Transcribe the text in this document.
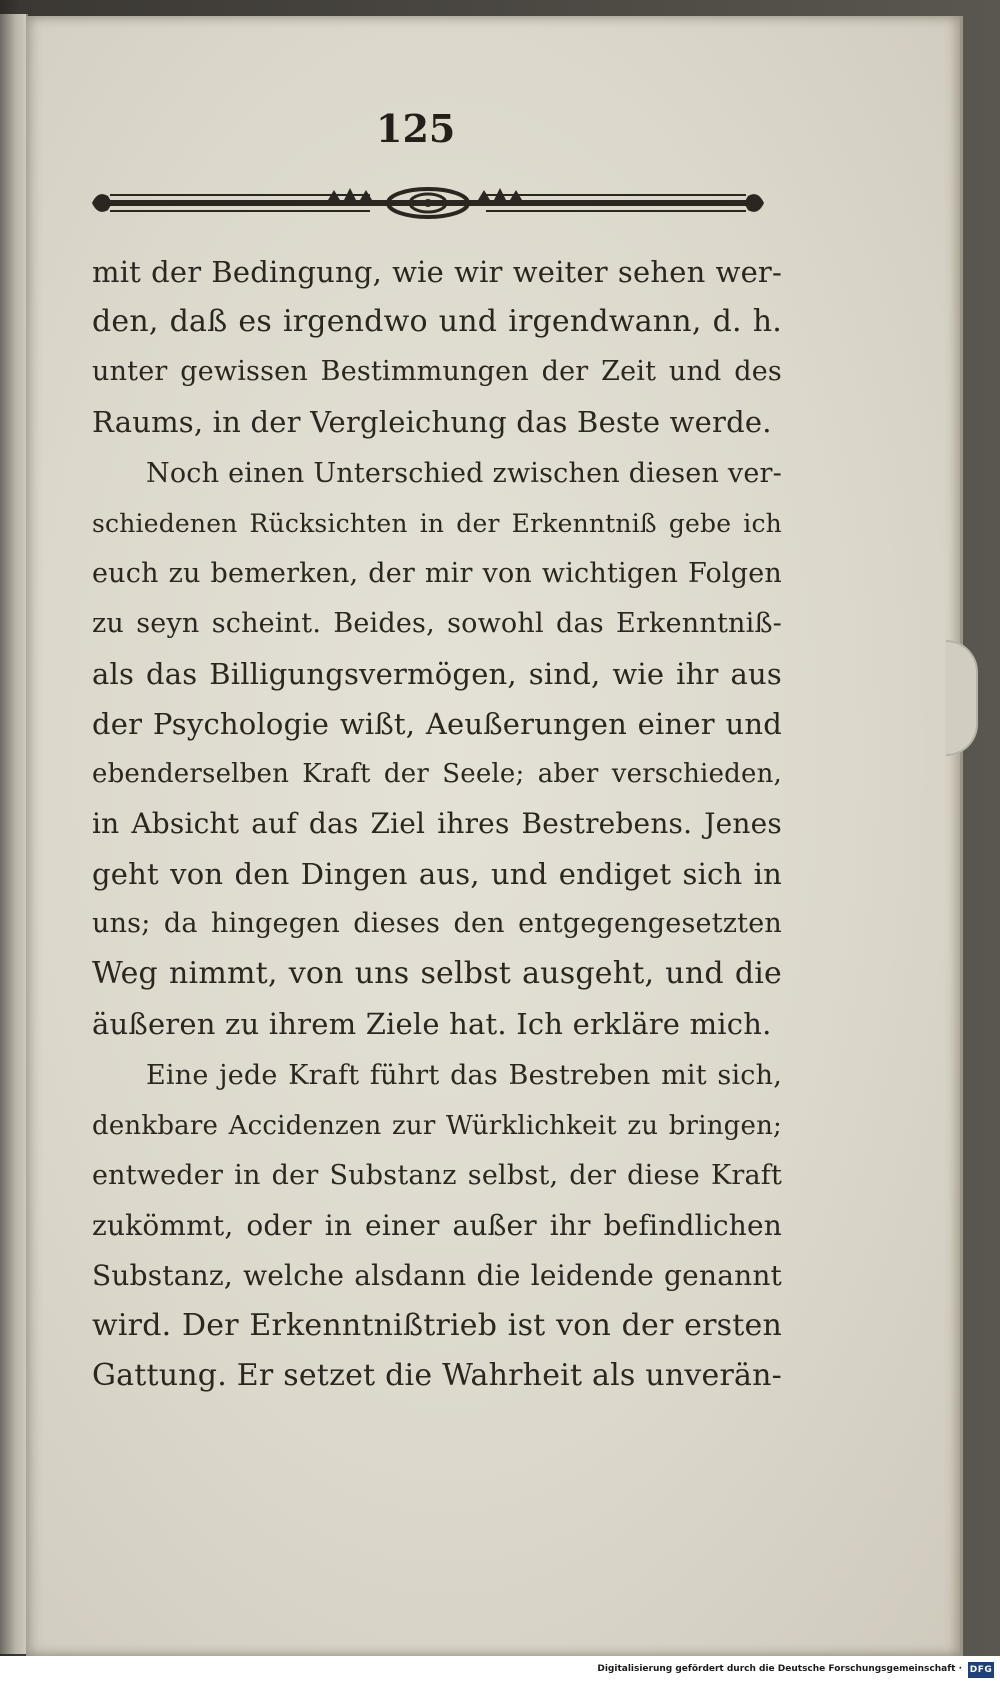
125
mit der Bedingung, wie wir weiter sehen wer-
den, daß es irgendwo und irgendwann, d. h.
unter gewissen Bestimmungen der Zeit und des
Raums, in der Vergleichung das Beste werde.
Noch einen Unterschied zwischen diesen ver-
schiedenen Rücksichten in der Erkenntniß gebe ich
euch zu bemerken, der mir von wichtigen Folgen
zu seyn scheint. Beides, sowohl das Erkenntniß-
als das Billigungsvermögen, sind, wie ihr aus
der Psychologie wißt, Aeußerungen einer und
ebenderselben Kraft der Seele; aber verschieden,
in Absicht auf das Ziel ihres Bestrebens. Jenes
geht von den Dingen aus, und endiget sich in
uns; da hingegen dieses den entgegengesetzten
Weg nimmt, von uns selbst ausgeht, und die
äußeren zu ihrem Ziele hat. Ich erkläre mich.
Eine jede Kraft führt das Bestreben mit sich,
denkbare Accidenzen zur Würklichkeit zu bringen;
entweder in der Substanz selbst, der diese Kraft
zukömmt, oder in einer außer ihr befindlichen
Substanz, welche alsdann die leidende genannt
wird. Der Erkenntnißtrieb ist von der ersten
Gattung. Er setzet die Wahrheit als unverän-
Digitalisierung gefördert durch die Deutsche Forschungsgemeinschaft · DFG
